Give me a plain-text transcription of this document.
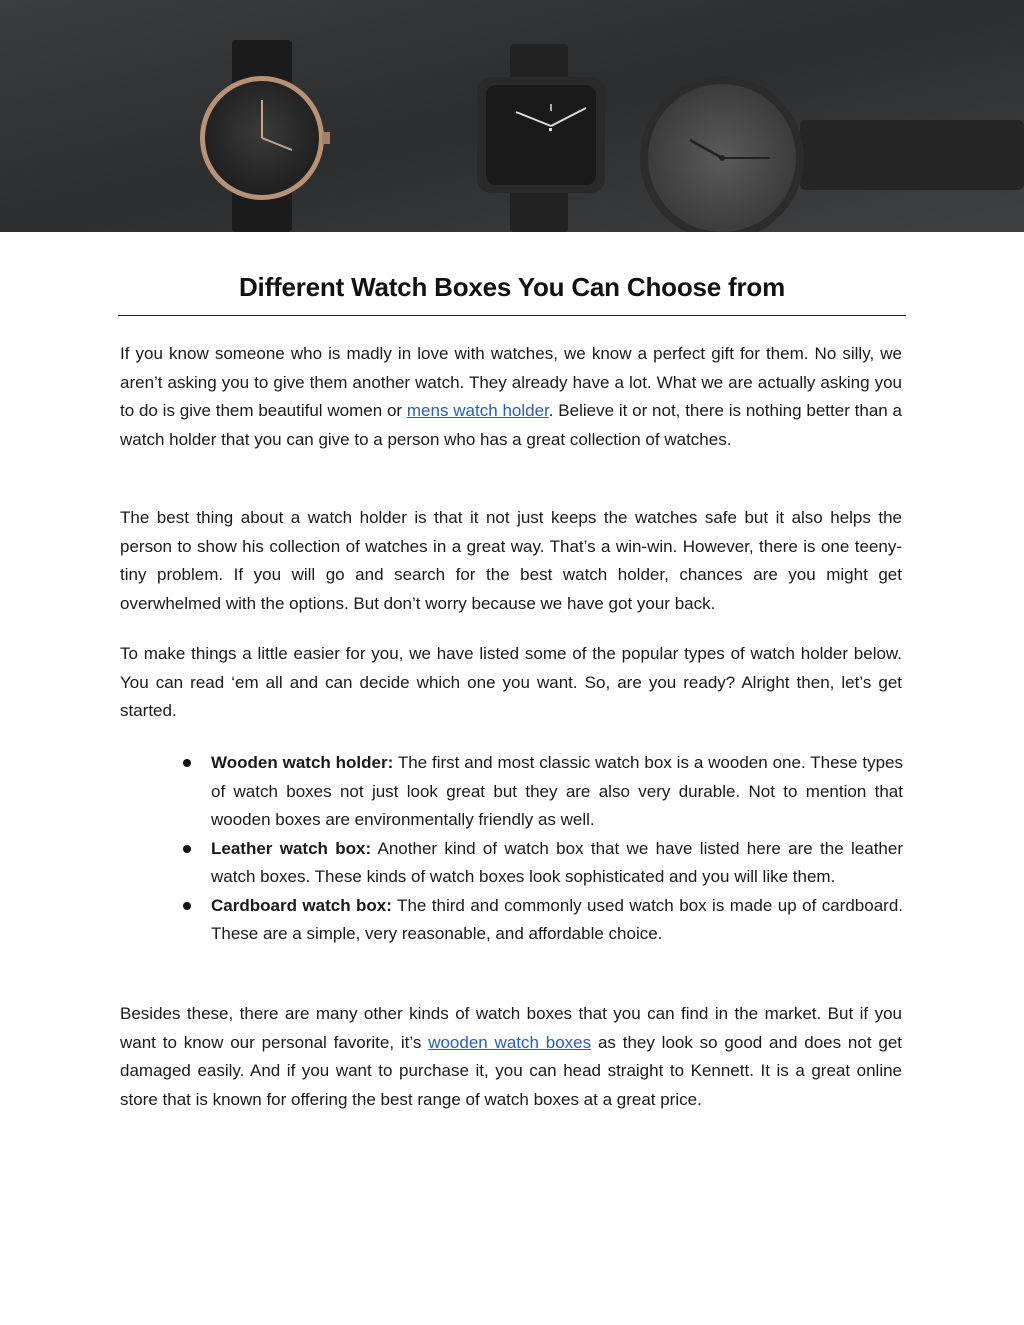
Different Watch Boxes You Can Choose from

If you know someone who is madly in love with watches, we know a perfect gift for them. No silly, we aren’t asking you to give them another watch. They already have a lot. What we are actually asking you to do is give them beautiful women or mens watch holder. Believe it or not, there is nothing better than a watch holder that you can give to a person who has a great collection of watches.

The best thing about a watch holder is that it not just keeps the watches safe but it also helps the person to show his collection of watches in a great way. That’s a win-win. However, there is one teeny-tiny problem. If you will go and search for the best watch holder, chances are you might get overwhelmed with the options. But don’t worry because we have got your back.

To make things a little easier for you, we have listed some of the popular types of watch holder below. You can read ‘em all and can decide which one you want. So, are you ready? Alright then, let’s get started.

Wooden watch holder: The first and most classic watch box is a wooden one. These types of watch boxes not just look great but they are also very durable. Not to mention that wooden boxes are environmentally friendly as well.
Leather watch box: Another kind of watch box that we have listed here are the leather watch boxes. These kinds of watch boxes look sophisticated and you will like them.
Cardboard watch box: The third and commonly used watch box is made up of cardboard. These are a simple, very reasonable, and affordable choice.

Besides these, there are many other kinds of watch boxes that you can find in the market. But if you want to know our personal favorite, it’s wooden watch boxes as they look so good and does not get damaged easily. And if you want to purchase it, you can head straight to Kennett. It is a great online store that is known for offering the best range of watch boxes at a great price.
